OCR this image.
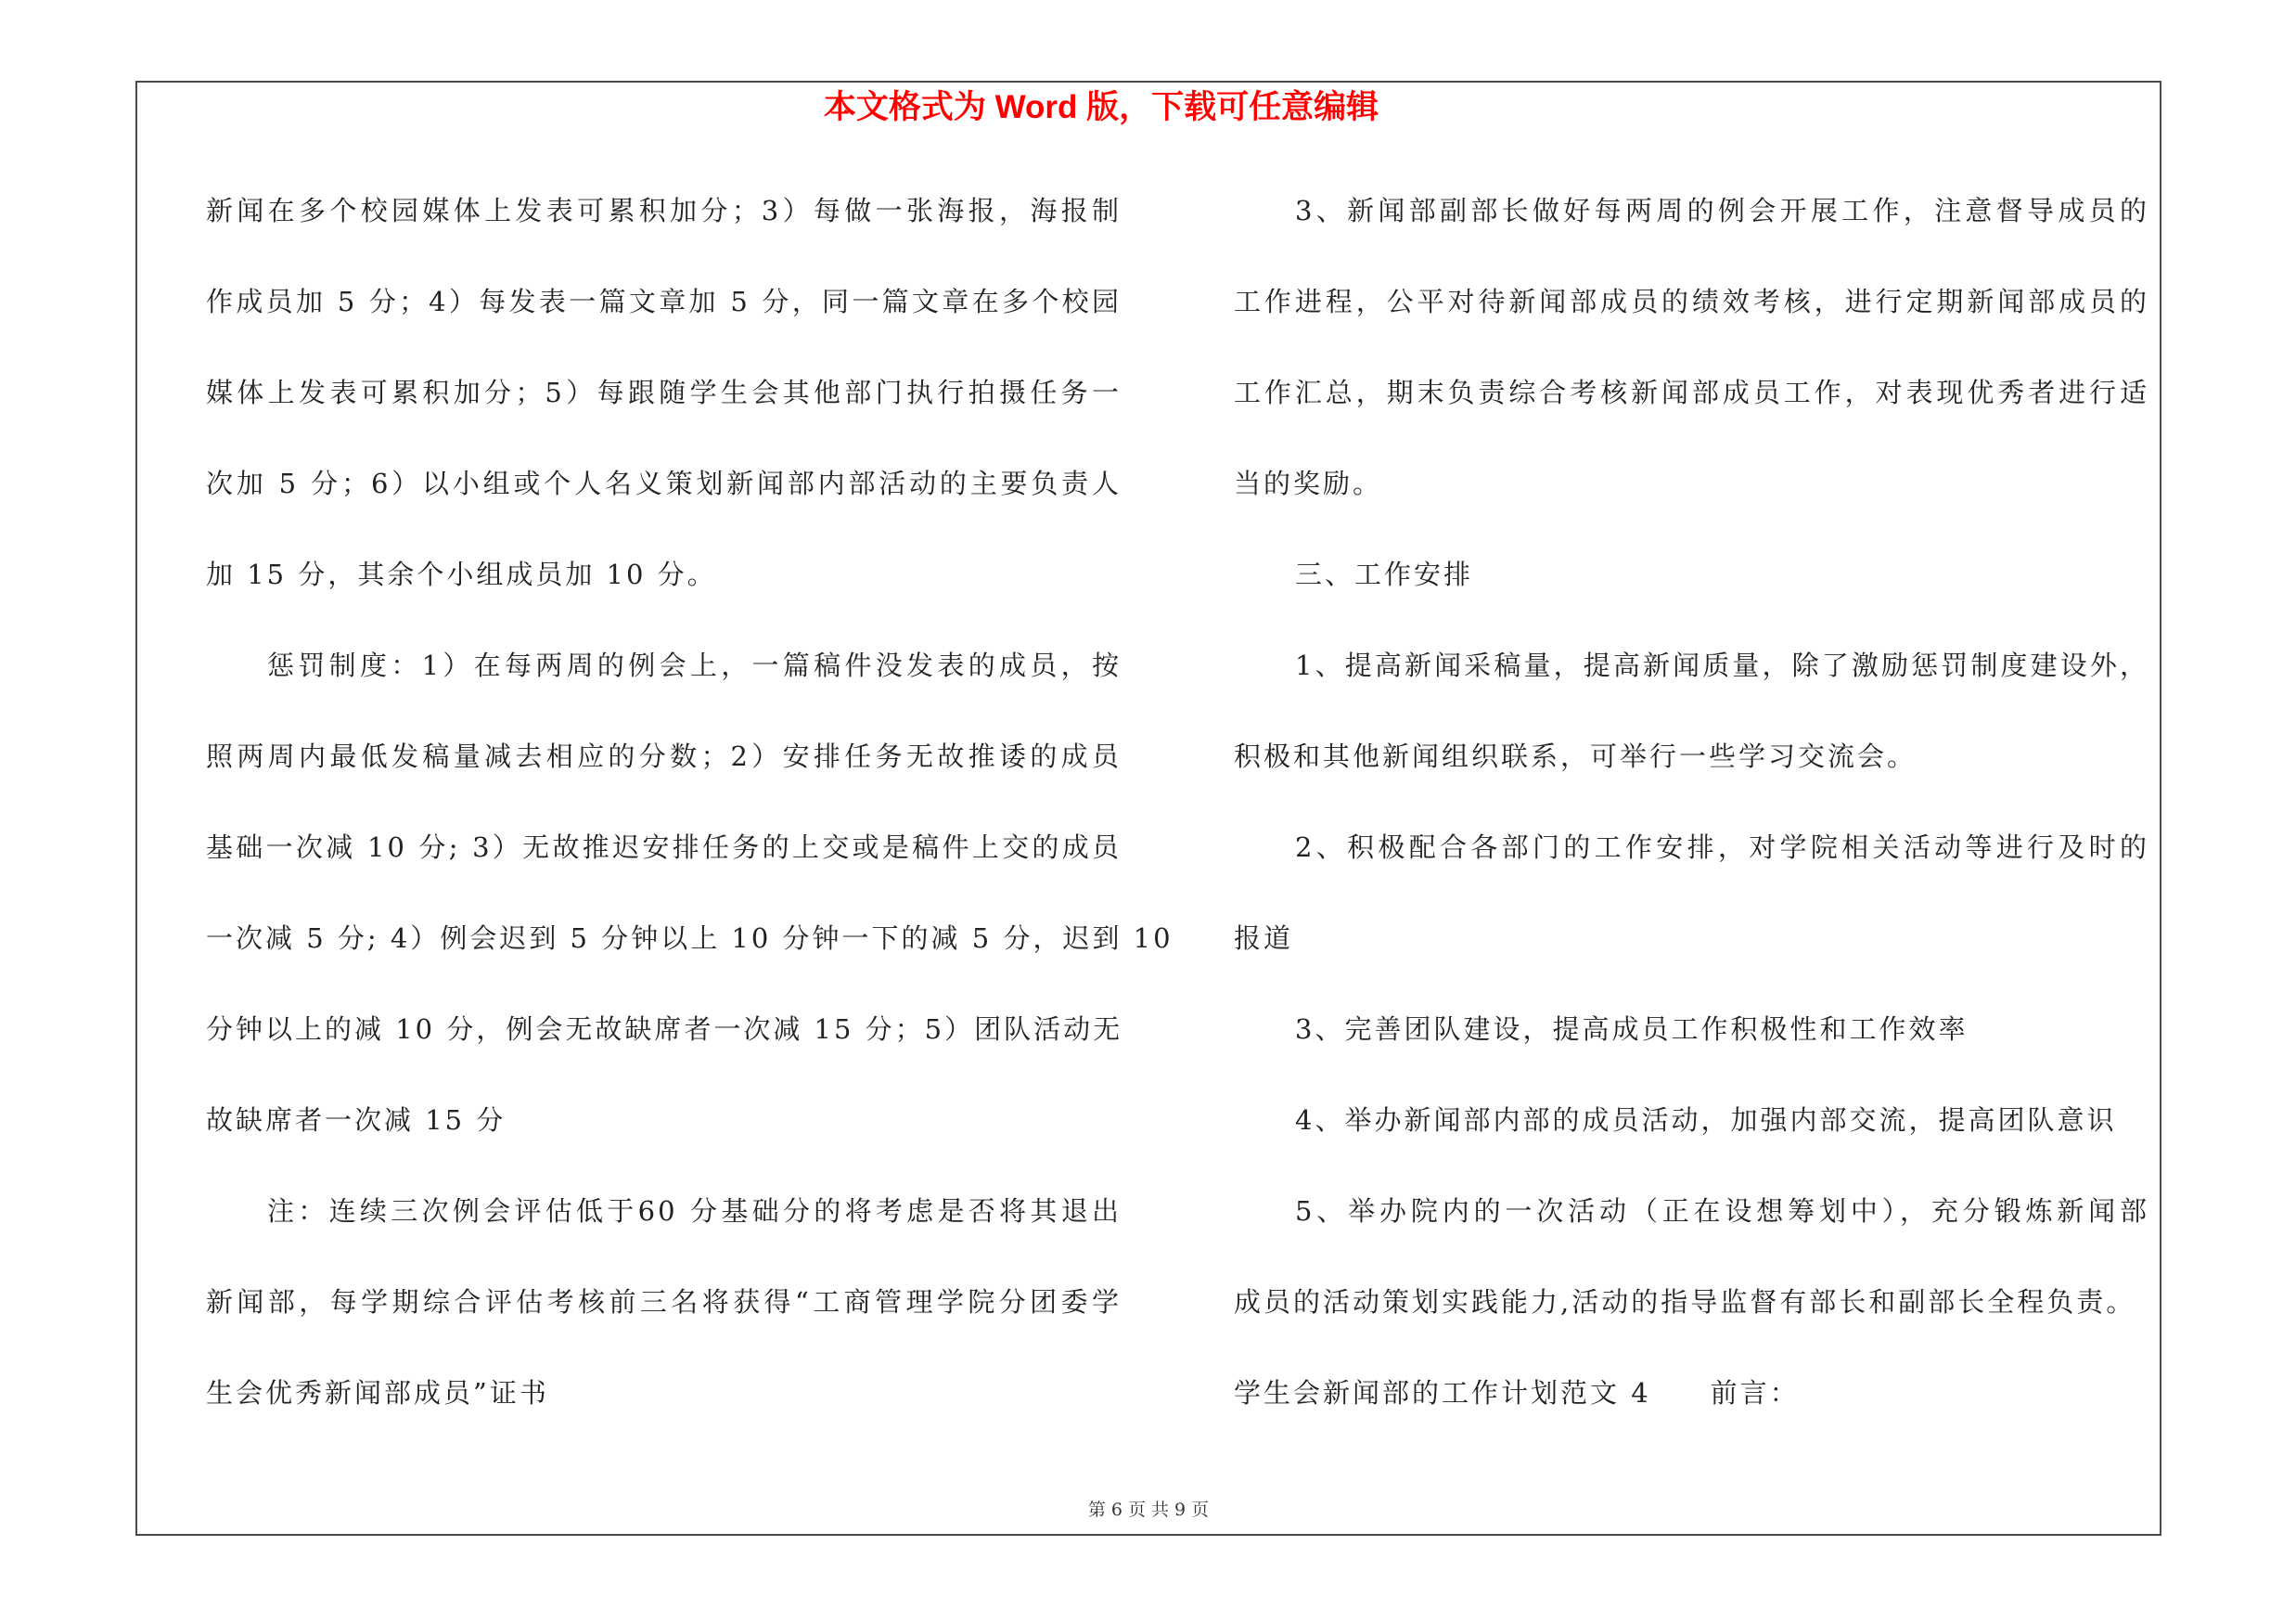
本文格式为 Word 版，下载可任意编辑
新闻在多个校园媒体上发表可累积加分；3）每做一张海报，海报制
作成员加 5 分；4）每发表一篇文章加 5 分，同一篇文章在多个校园
媒体上发表可累积加分；5）每跟随学生会其他部门执行拍摄任务一
次加 5 分；6）以小组或个人名义策划新闻部内部活动的主要负责人
加 15 分，其余个小组成员加 10 分。
惩罚制度：1）在每两周的例会上，一篇稿件没发表的成员，按
照两周内最低发稿量减去相应的分数；2）安排任务无故推诿的成员
基础一次减 10 分; 3）无故推迟安排任务的上交或是稿件上交的成员
一次减 5 分; 4）例会迟到 5 分钟以上 10 分钟一下的减 5 分，迟到 10
分钟以上的减 10 分，例会无故缺席者一次减 15 分；5）团队活动无
故缺席者一次减 15 分
注：连续三次例会评估低于60 分基础分的将考虑是否将其退出
新闻部，每学期综合评估考核前三名将获得“工商管理学院分团委学
生会优秀新闻部成员”证书
3、新闻部副部长做好每两周的例会开展工作，注意督导成员的
工作进程，公平对待新闻部成员的绩效考核，进行定期新闻部成员的
工作汇总，期末负责综合考核新闻部成员工作，对表现优秀者进行适
当的奖励。
三、工作安排
1、提高新闻采稿量，提高新闻质量，除了激励惩罚制度建设外，
积极和其他新闻组织联系，可举行一些学习交流会。
2、积极配合各部门的工作安排，对学院相关活动等进行及时的
报道
3、完善团队建设，提高成员工作积极性和工作效率
4、举办新闻部内部的成员活动，加强内部交流，提高团队意识
5、举办院内的一次活动（正在设想筹划中），充分锻炼新闻部
成员的活动策划实践能力,活动的指导监督有部长和副部长全程负责。
学生会新闻部的工作计划范文 4 前言：
第 6 页 共 9 页
